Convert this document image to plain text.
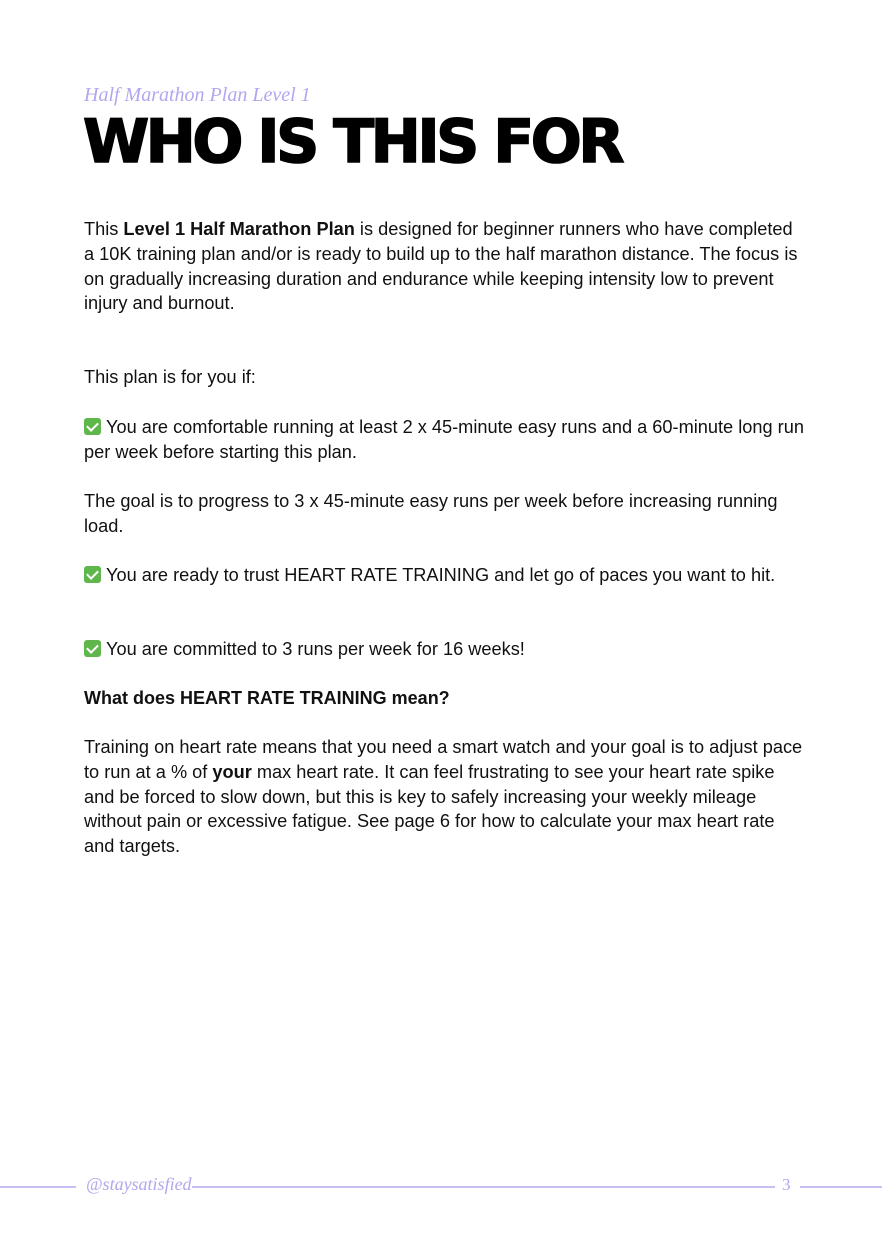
Half Marathon Plan Level 1
WHO IS THIS FOR

This Level 1 Half Marathon Plan is designed for beginner runners who have completed a 10K training plan and/or is ready to build up to the half marathon distance. The focus is on gradually increasing duration and endurance while keeping intensity low to prevent injury and burnout.

This plan is for you if:

You are comfortable running at least 2 x 45-minute easy runs and a 60-minute long run per week before starting this plan.

The goal is to progress to 3 x 45-minute easy runs per week before increasing running load.

You are ready to trust HEART RATE TRAINING and let go of paces you want to hit.

You are committed to 3 runs per week for 16 weeks!

What does HEART RATE TRAINING mean?

Training on heart rate means that you need a smart watch and your goal is to adjust pace to run at a % of your max heart rate. It can feel frustrating to see your heart rate spike and be forced to slow down, but this is key to safely increasing your weekly mileage without pain or excessive fatigue. See page 6 for how to calculate your max heart rate and targets.

@staysatisfied	3
